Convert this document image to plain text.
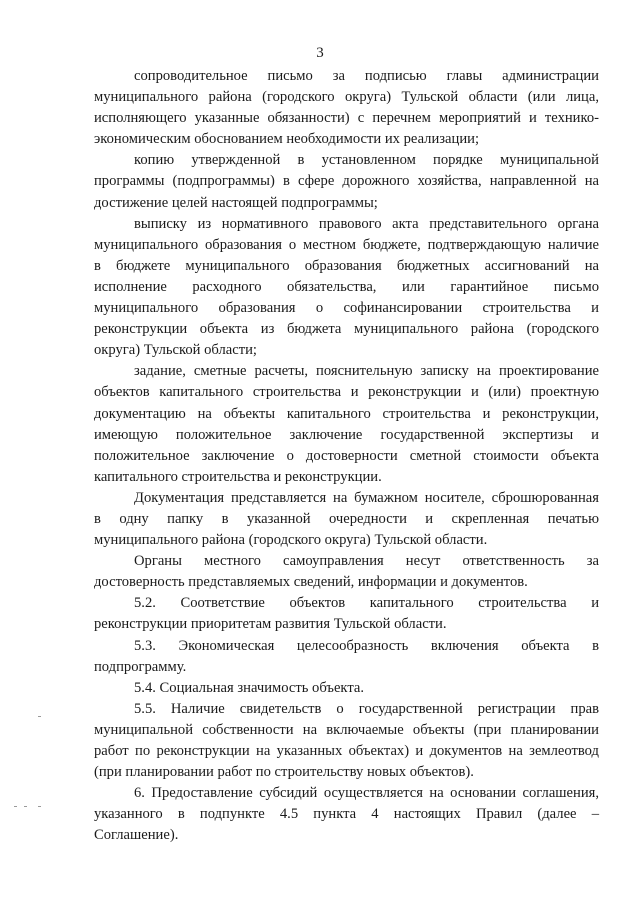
3
сопроводительное письмо за подписью главы администрации
муниципального района (городского округа) Тульской области (или лица,
исполняющего указанные обязанности) с перечнем мероприятий и технико-
экономическим обоснованием необходимости их реализации;
копию утвержденной в установленном порядке муниципальной
программы (подпрограммы) в сфере дорожного хозяйства, направленной на
достижение целей настоящей подпрограммы;
выписку из нормативного правового акта представительного органа
муниципального образования о местном бюджете, подтверждающую наличие
в бюджете муниципального образования бюджетных ассигнований на
исполнение расходного обязательства, или гарантийное письмо
муниципального образования о софинансировании строительства и
реконструкции объекта из бюджета муниципального района (городского
округа) Тульской области;
задание, сметные расчеты, пояснительную записку на проектирование
объектов капитального строительства и реконструкции и (или) проектную
документацию на объекты капитального строительства и реконструкции,
имеющую положительное заключение государственной экспертизы и
положительное заключение о достоверности сметной стоимости объекта
капитального строительства и реконструкции.
Документация представляется на бумажном носителе, сброшюрованная
в одну папку в указанной очередности и скрепленная печатью
муниципального района (городского округа) Тульской области.
Органы местного самоуправления несут ответственность за
достоверность представляемых сведений, информации и документов.
5.2. Соответствие объектов капитального строительства и
реконструкции приоритетам развития Тульской области.
5.3. Экономическая целесообразность включения объекта в
подпрограмму.
5.4. Социальная значимость объекта.
5.5. Наличие свидетельств о государственной регистрации прав
муниципальной собственности на включаемые объекты (при планировании
работ по реконструкции на указанных объектах) и документов на землеотвод
(при планировании работ по строительству новых объектов).
6. Предоставление субсидий осуществляется на основании соглашения,
указанного в подпункте 4.5 пункта 4 настоящих Правил (далее –
Соглашение).
